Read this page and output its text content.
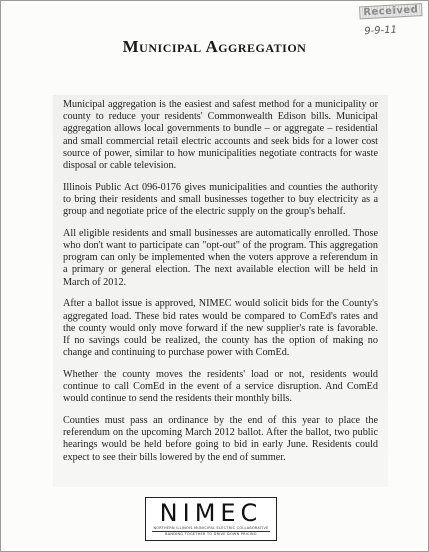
Received
9-9-11
Municipal Aggregation

Municipal aggregation is the easiest and safest method for a municipality or county to reduce your residents' Commonwealth Edison bills. Municipal aggregation allows local governments to bundle – or aggregate – residential and small commercial retail electric accounts and seek bids for a lower cost source of power, similar to how municipalities negotiate contracts for waste disposal or cable television.

Illinois Public Act 096-0176 gives municipalities and counties the authority to bring their residents and small businesses together to buy electricity as a group and negotiate price of the electric supply on the group's behalf.

All eligible residents and small businesses are automatically enrolled. Those who don't want to participate can "opt-out" of the program. This aggregation program can only be implemented when the voters approve a referendum in a primary or general election. The next available election will be held in March of 2012.

After a ballot issue is approved, NIMEC would solicit bids for the County's aggregated load. These bid rates would be compared to ComEd's rates and the county would only move forward if the new supplier's rate is favorable. If no savings could be realized, the county has the option of making no change and continuing to purchase power with ComEd.

Whether the county moves the residents' load or not, residents would continue to call ComEd in the event of a service disruption. And ComEd would continue to send the residents their monthly bills.

Counties must pass an ordinance by the end of this year to place the referendum on the upcoming March 2012 ballot. After the ballot, two public hearings would be held before going to bid in early June. Residents could expect to see their bills lowered by the end of summer.

NIMEC
NORTHERN ILLINOIS MUNICIPAL ELECTRIC COLLABORATIVE
BANDING TOGETHER TO DRIVE DOWN PRICING
